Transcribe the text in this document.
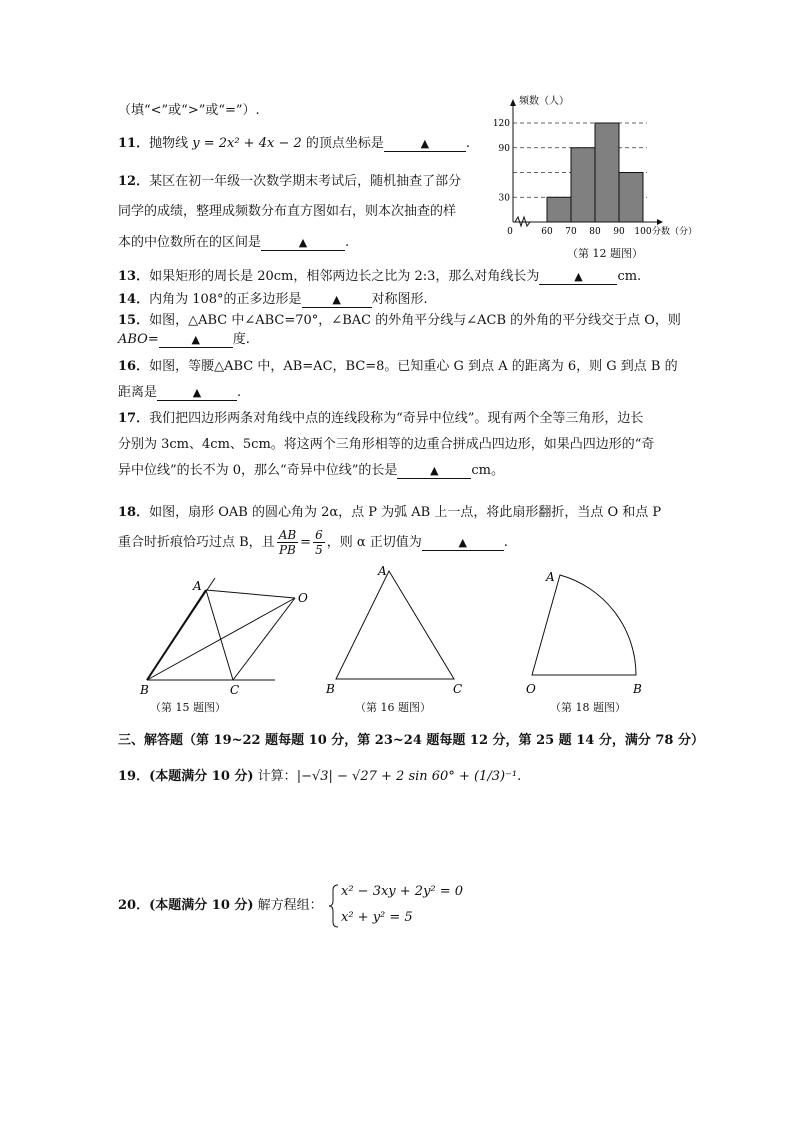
（填“<”或“>”或“=”）.
11．抛物线 y = 2x² + 4x − 2 的顶点坐标是	▲	.
12．某区在初一年级一次数学期末考试后，随机抽查了部分
同学的成绩，整理成频数分布直方图如右，则本次抽查的样
本的中位数所在的区间是	▲	.
30
90
120
60 70 80 90 100
0
频数（人）
分数（分）
（第 12 题图）
13．如果矩形的周长是 20cm，相邻两边长之比为 2:3，那么对角线长为	▲	cm.
14．内角为 108°的正多边形是	▲ 对称图形.
15．如图，△ABC 中∠ABC=70°，∠BAC 的外角平分线与∠ACB 的外角的平分线交于点 O，则
ABO=	▲	度.
16．如图，等腰△ABC 中，AB=AC，BC=8。已知重心 G 到点 A 的距离为 6，则 G 到点 B 的
距离是	▲	.
17．我们把四边形两条对角线中点的连线段称为“奇异中位线”。现有两个全等三角形，边长
分别为 3cm、4cm、5cm。将这两个三角形相等的边重合拼成凸四边形，如果凸四边形的“奇
异中位线”的长不为 0，那么“奇异中位线”的长是	▲	cm。
18．如图，扇形 OAB 的圆心角为 2α，点 P 为弧 AB 上一点，将此扇形翻折，当点 O 和点 P
重合时折痕恰巧过点 B，且 $\frac{AB}{PB} = \frac{6}{5}$ ，则 α 正切值为	▲	.
A
B	C
O
（第 15 题图）
A
B	C
（第 16 题图）
A
O	B
（第 18 题图）
三、解答题（第 19~22 题每题 10 分，第 23~24 题每题 12 分，第 25 题 14 分，满分 78 分）
19．(本题满分 10 分) 计算：|−√3| − √27 + 2 sin 60° + (1/3)⁻¹.
20．(本题满分 10 分) 解方程组：
x² − 3xy + 2y² = 0
x² + y² = 5
